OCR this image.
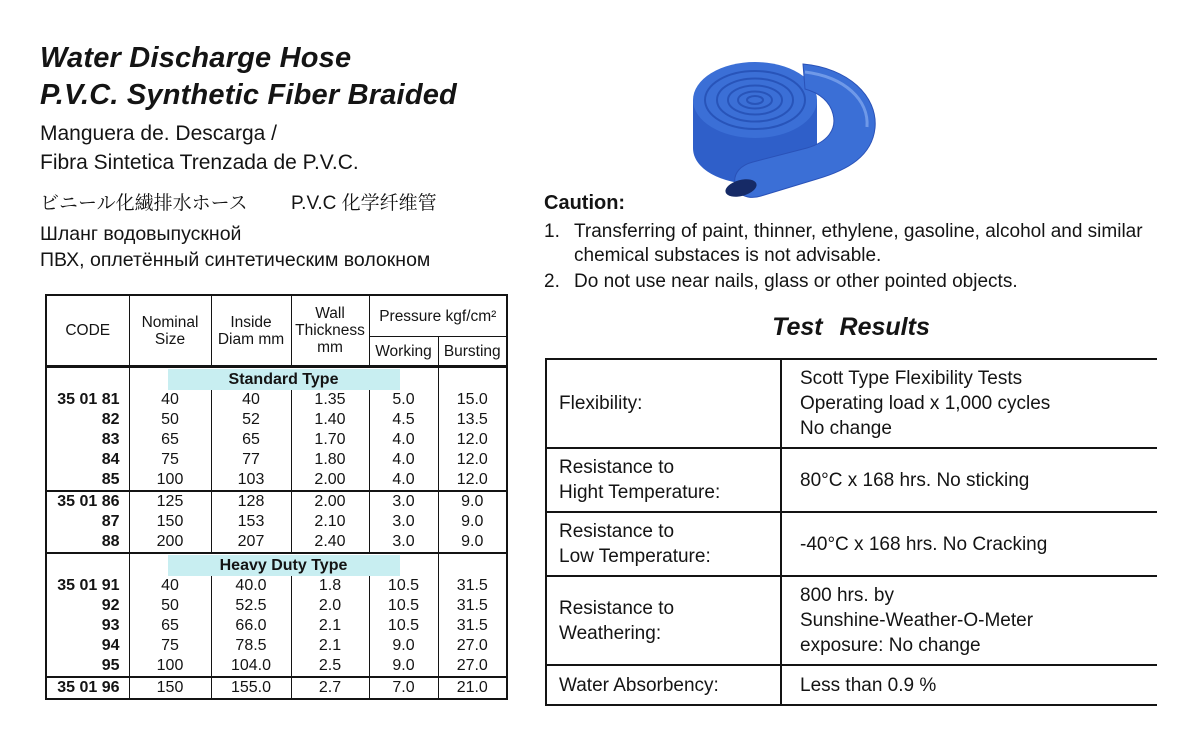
Water Discharge Hose
P.V.C. Synthetic Fiber Braided
Manguera de. Descarga /
Fibra Sintetica Trenzada de P.V.C.
ビニール化繊排水ホース P.V.C 化学纤维管
Шланг водовыпускной
ПВХ, оплетённый синтетическим волокном
Caution:
1. Transferring of paint, thinner, ethylene, gasoline, alcohol and similar chemical substaces is not advisable.
2. Do not use near nails, glass or other pointed objects.
CODE	Nominal Size	Inside Diam mm	Wall Thickness mm	Pressure kgf/cm²	
				Working	Bursting
	Standard Type				
35 01 81	40	40	1.35	5.0	15.0
82	50	52	1.40	4.5	13.5
83	65	65	1.70	4.0	12.0
84	75	77	1.80	4.0	12.0
85	100	103	2.00	4.0	12.0
35 01 86	125	128	2.00	3.0	9.0
87	150	153	2.10	3.0	9.0
88	200	207	2.40	3.0	9.0
	Heavy Duty Type				
35 01 91	40	40.0	1.8	10.5	31.5
92	50	52.5	2.0	10.5	31.5
93	65	66.0	2.1	10.5	31.5
94	75	78.5	2.1	9.0	27.0
95	100	104.0	2.5	9.0	27.0
35 01 96	150	155.0	2.7	7.0	21.0
Test Results
Flexibility:	Scott Type Flexibility Tests
Operating load x 1,000 cycles
No change

Resistance to
Hight Temperature:	80°C x 168 hrs. No sticking

Resistance to
Low Temperature:	-40°C x 168 hrs. No Cracking

Resistance to
Weathering:	800 hrs. by
Sunshine-Weather-O-Meter
exposure: No change

Water Absorbency:	Less than 0.9 %
